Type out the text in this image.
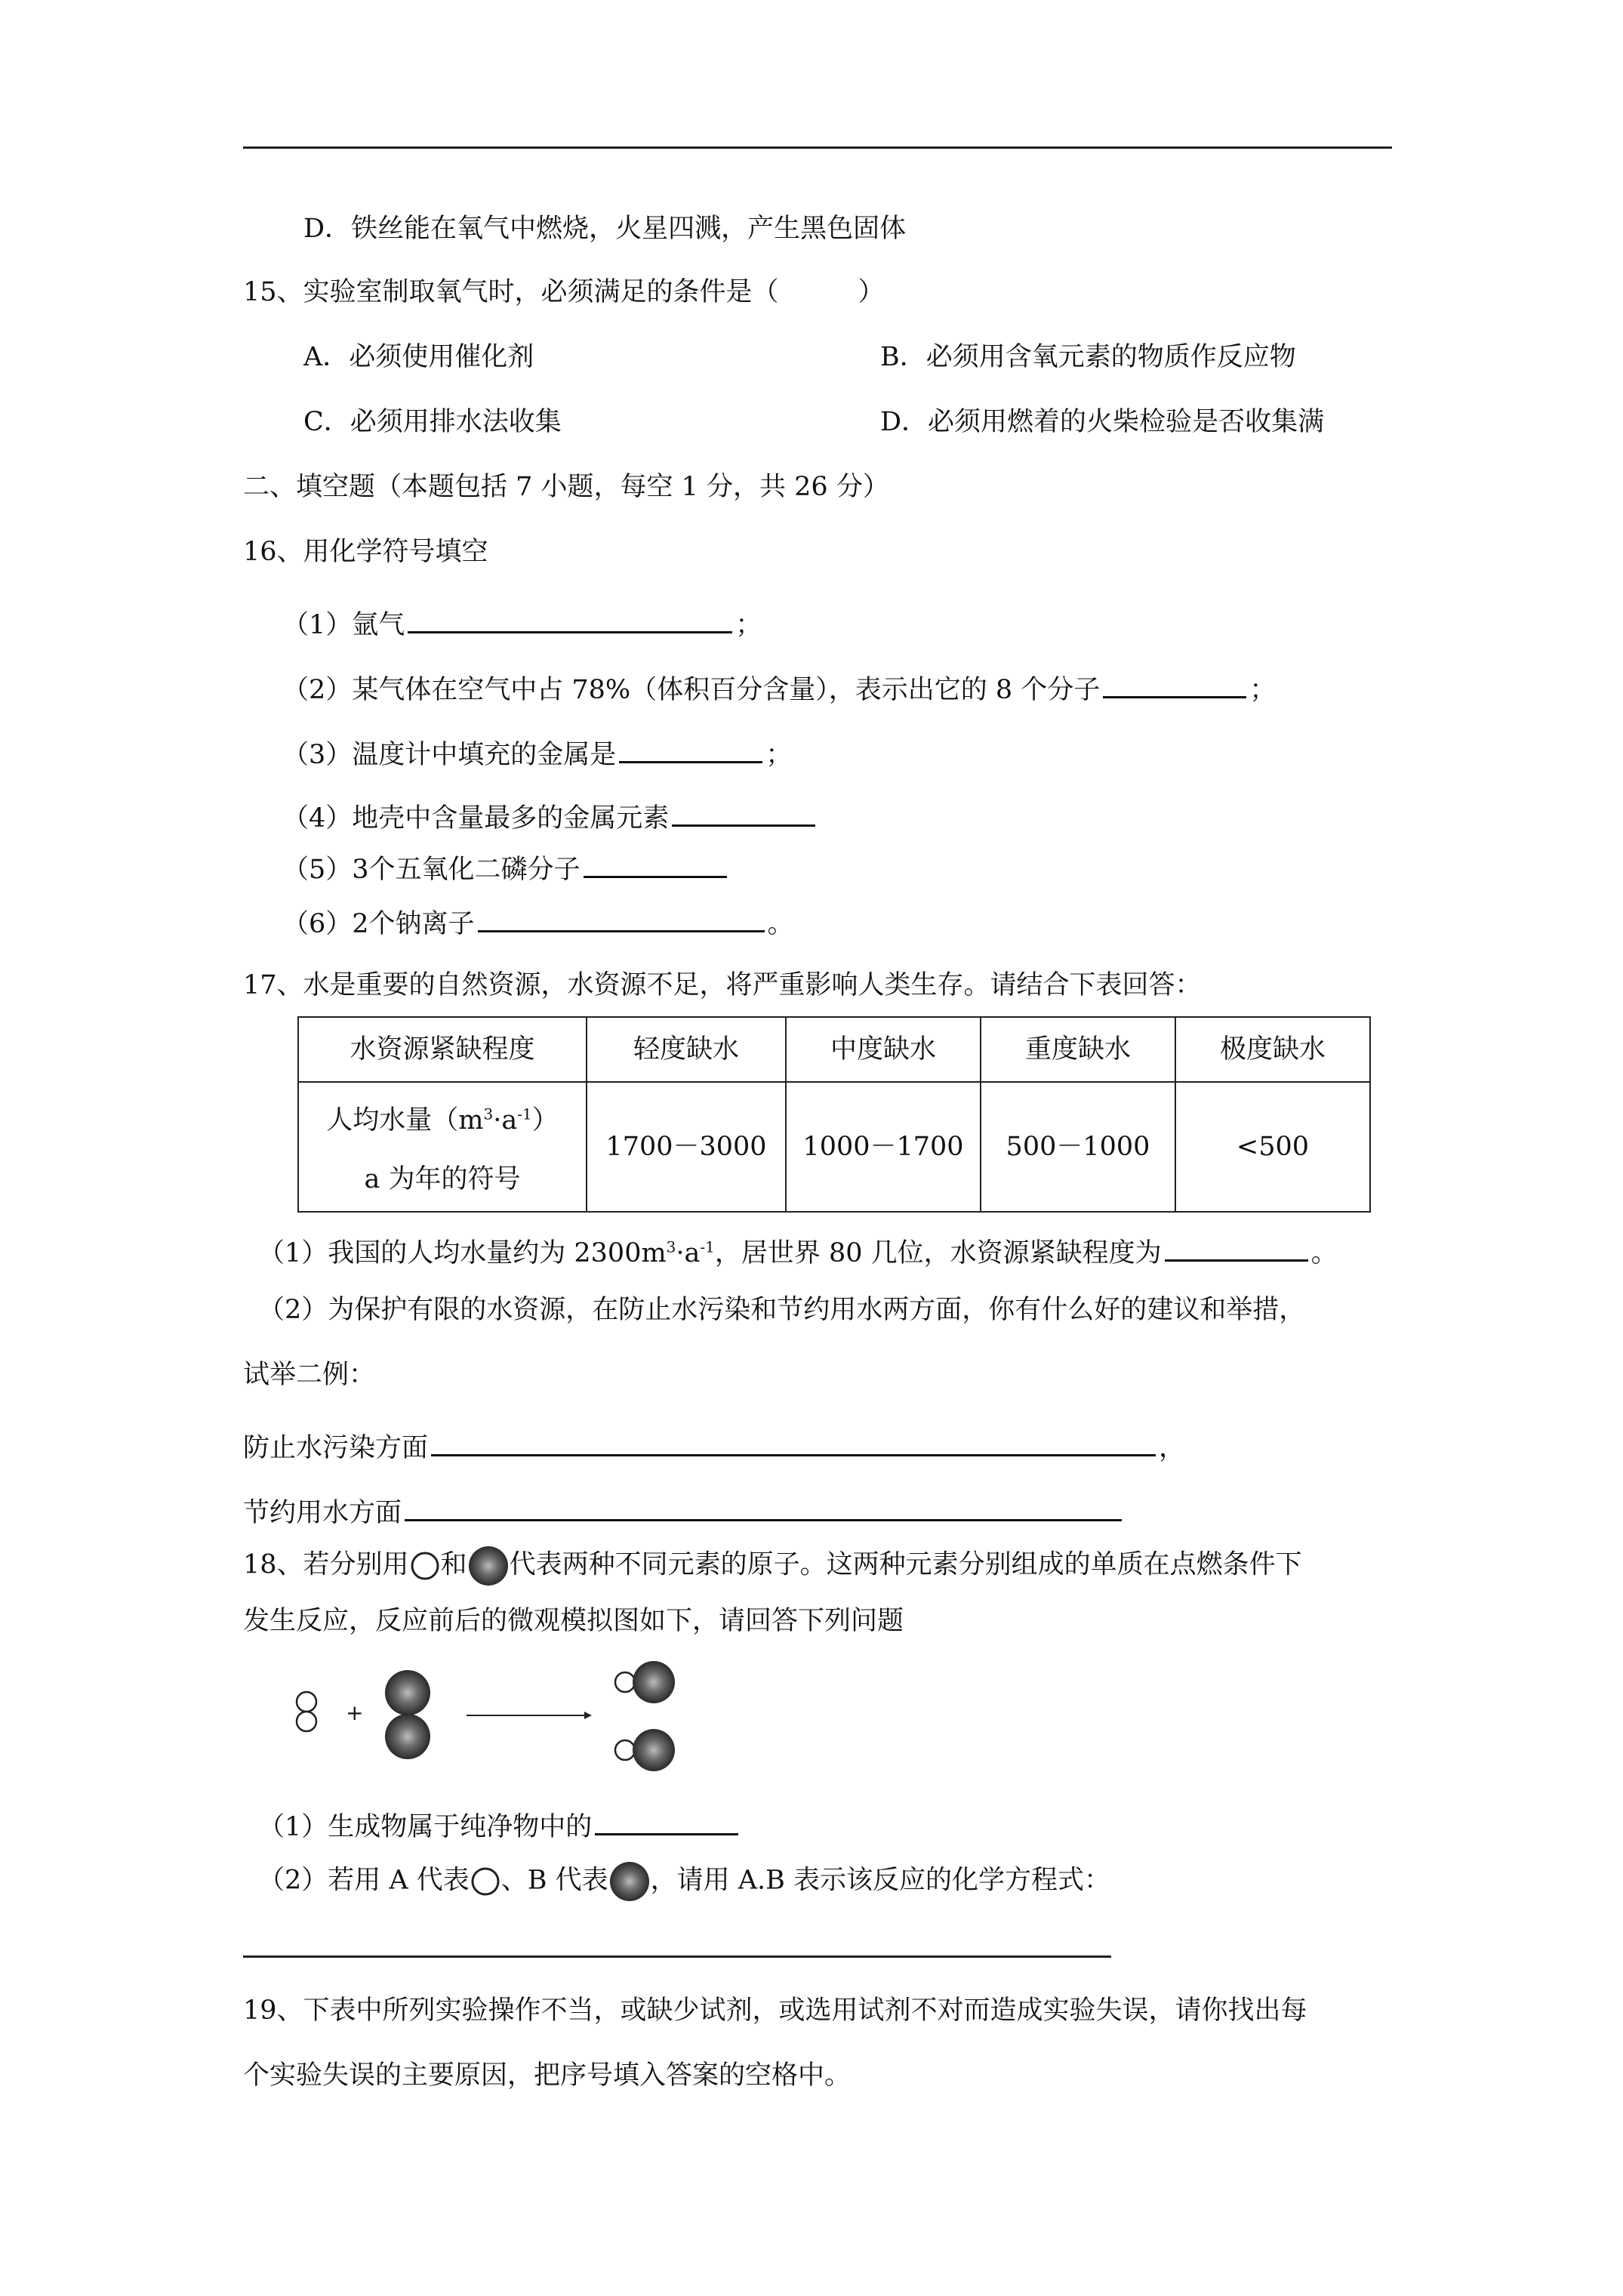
D．铁丝能在氧气中燃烧，火星四溅，产生黑色固体
15、实验室制取氧气时，必须满足的条件是（　　　）
A．必须使用催化剂	B．必须用含氧元素的物质作反应物
C．必须用排水法收集	D．必须用燃着的火柴检验是否收集满
二、填空题（本题包括 7 小题，每空 1 分，共 26 分）
16、用化学符号填空
（1）氩气	；
（2）某气体在空气中占 78%（体积百分含量），表示出它的 8 个分子	；
（3）温度计中填充的金属是	；
（4）地壳中含量最多的金属元素
（5）3个五氧化二磷分子
（6）2个钠离子	。
17、水是重要的自然资源，水资源不足，将严重影响人类生存。请结合下表回答：
水资源紧缺程度	轻度缺水	中度缺水	重度缺水	极度缺水

人均水量$(m^3\cdot a^{-1})$
a 为年的符号	1700－3000	1000－1700	500－1000	<500
（1）我国的人均水量约为 $2300m^3\cdot a^{-1}$，居世界 80 几位，水资源紧缺程度为	。
（2）为保护有限的水资源，在防止水污染和节约用水两方面，你有什么好的建议和举措，
试举二例：
防止水污染方面	，
节约用水方面
18、若分别用 和 代表两种不同元素的原子。这两种元素分别组成的单质在点燃条件下
发生反应，反应前后的微观模拟图如下，请回答下列问题
+
（1）生成物属于纯净物中的
（2）若用 A 代表 、B 代表 ，请用 A.B 表示该反应的化学方程式：
19、下表中所列实验操作不当，或缺少试剂，或选用试剂不对而造成实验失误，请你找出每
个实验失误的主要原因，把序号填入答案的空格中。
